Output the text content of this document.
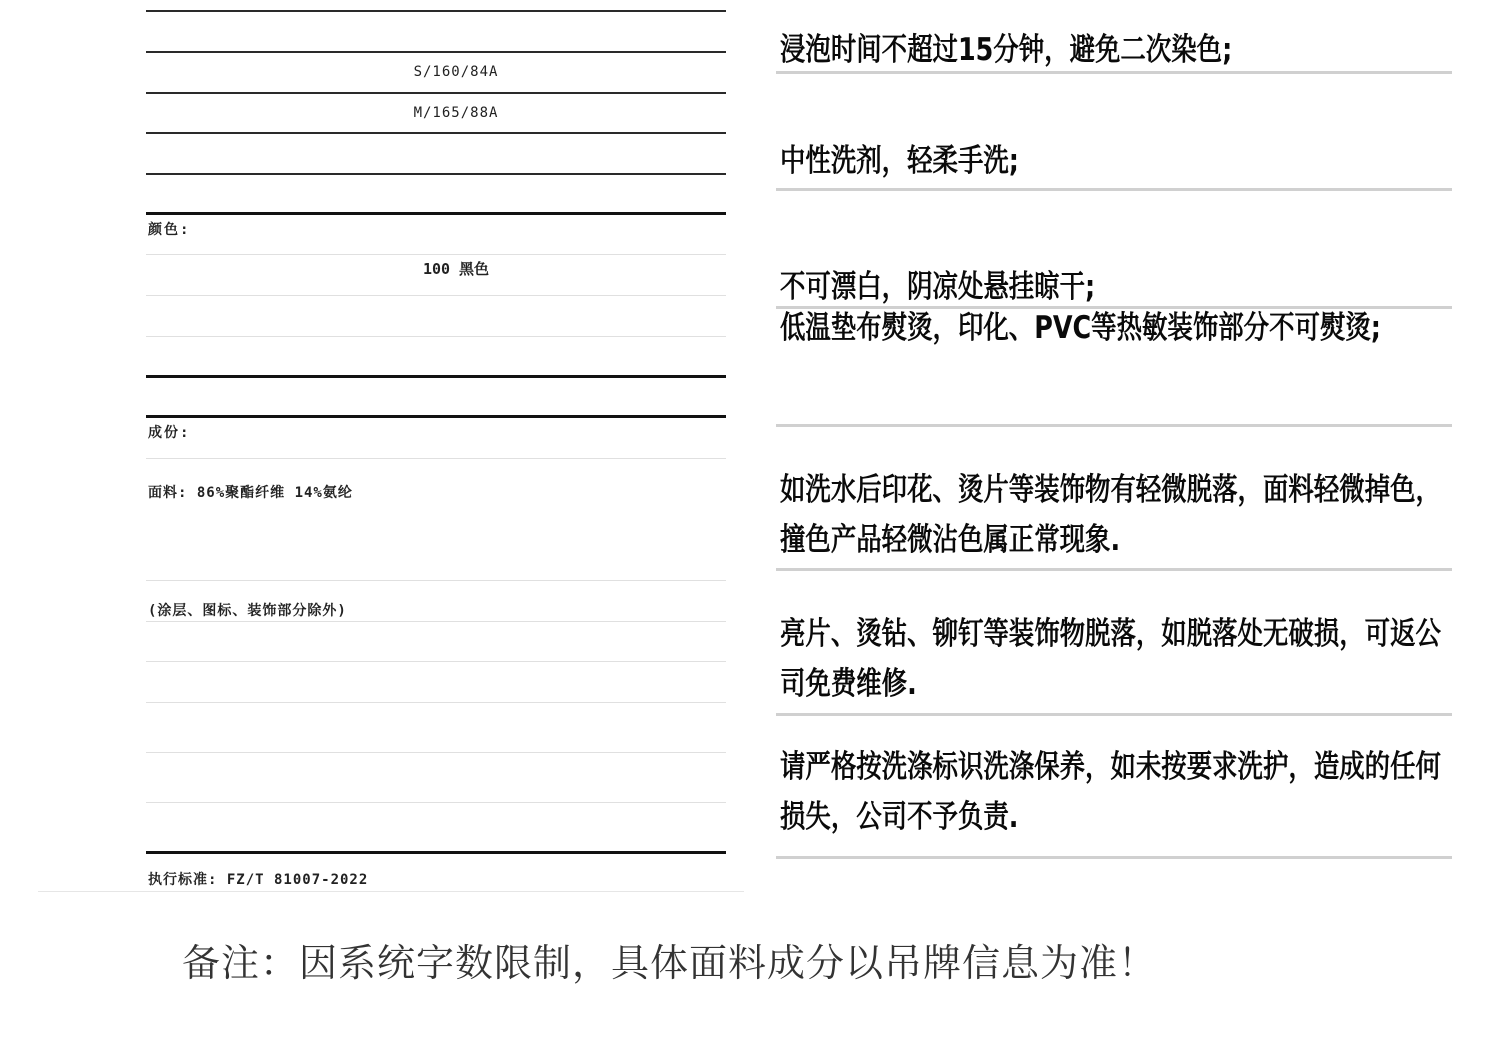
S/160/84A
M/165/88A
颜色:
100 黑色
成份:
面料: 86%聚酯纤维 14%氨纶
(涂层、图标、装饰部分除外)
执行标准: FZ/T 81007-2022
浸泡时间不超过15分钟，避免二次染色;
中性洗剂，轻柔手洗;
不可漂白，阴凉处悬挂晾干;
低温垫布熨烫，印化、PVC等热敏装饰部分不可熨烫;
如洗水后印花、烫片等装饰物有轻微脱落，面料轻微掉色，撞色产品轻微沾色属正常现象.
亮片、烫钻、铆钉等装饰物脱落，如脱落处无破损，可返公司免费维修.
请严格按洗涤标识洗涤保养，如未按要求洗护，造成的任何损失，公司不予负责.
备注：因系统字数限制，具体面料成分以吊牌信息为准！
